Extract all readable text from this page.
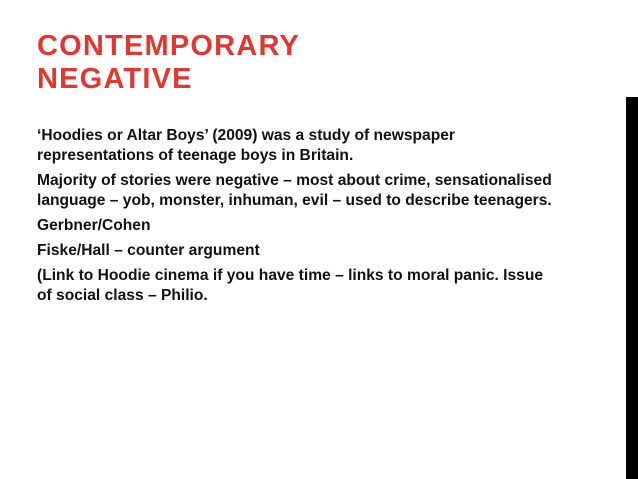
CONTEMPORARY
NEGATIVE
‘Hoodies or Altar Boys’ (2009) was a study of newspaper representations of teenage boys in Britain.
Majority of stories were negative – most about crime, sensationalised language – yob, monster, inhuman, evil – used to describe teenagers.
Gerbner/Cohen
Fiske/Hall – counter argument
(Link to Hoodie cinema if you have time – links to moral panic. Issue of social class – Philio.
